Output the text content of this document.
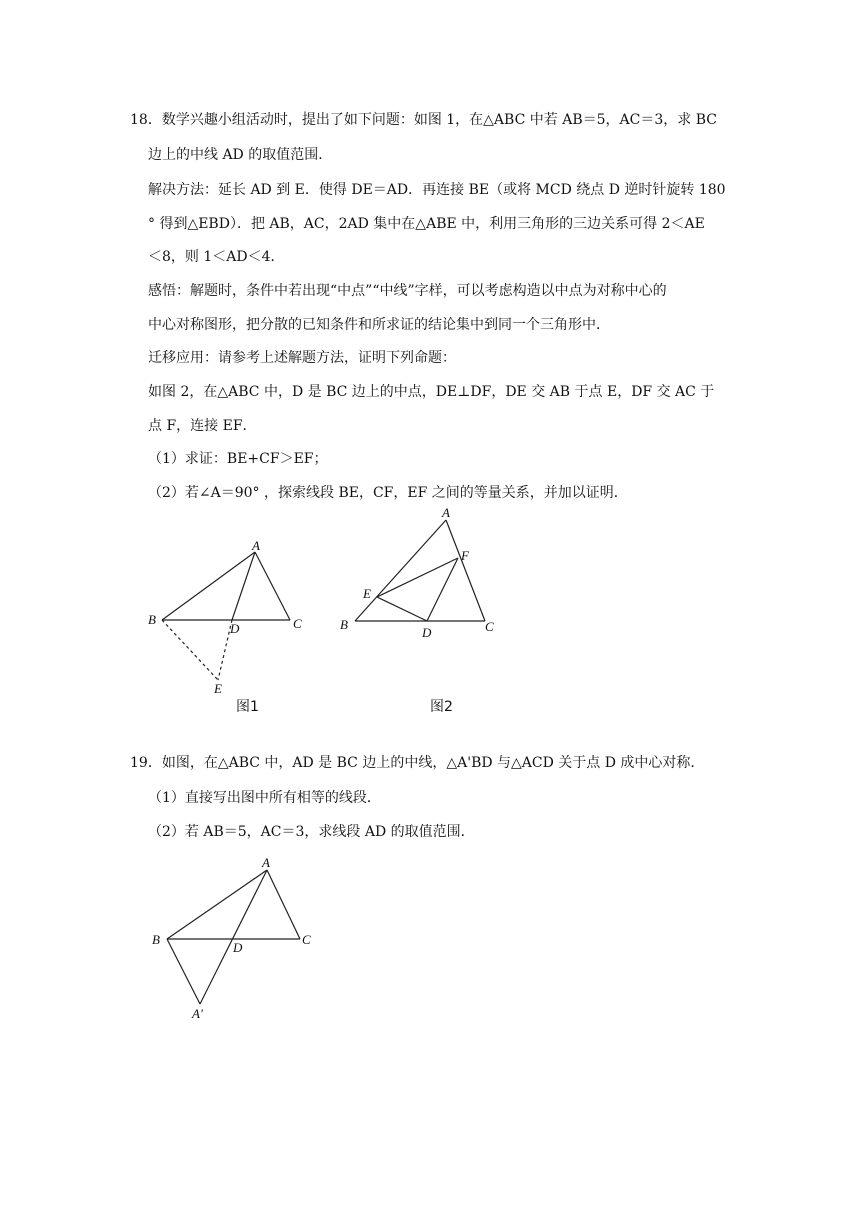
18．数学兴趣小组活动时，提出了如下问题：如图 1，在△ABC 中若 AB＝5，AC＝3，求 BC
边上的中线 AD 的取值范围．
解决方法：延长 AD 到 E．使得 DE＝AD．再连接 BE（或将 MCD 绕点 D 逆时针旋转 180
° 得到△EBD）．把 AB，AC，2AD 集中在△ABE 中，利用三角形的三边关系可得 2＜AE
＜8，则 1＜AD＜4．
感悟：解题时，条件中若出现“中点”“中线”字样，可以考虑构造以中点为对称中心的
中心对称图形，把分散的已知条件和所求证的结论集中到同一个三角形中．
迁移应用：请参考上述解题方法，证明下列命题：
如图 2，在△ABC 中，D 是 BC 边上的中点，DE⊥DF，DE 交 AB 于点 E，DF 交 AC 于
点 F，连接 EF．
（1）求证：BE+CF＞EF；
（2）若∠A＝90° ，探索线段 BE，CF，EF 之间的等量关系，并加以证明．
A
B	C
D
E
图1
A
B	C
D
E
F
图2
19．如图，在△ABC 中，AD 是 BC 边上的中线，△A'BD 与△ACD 关于点 D 成中心对称．
（1）直接写出图中所有相等的线段．
（2）若 AB＝5，AC＝3，求线段 AD 的取值范围．
A
B	C
D
A'
